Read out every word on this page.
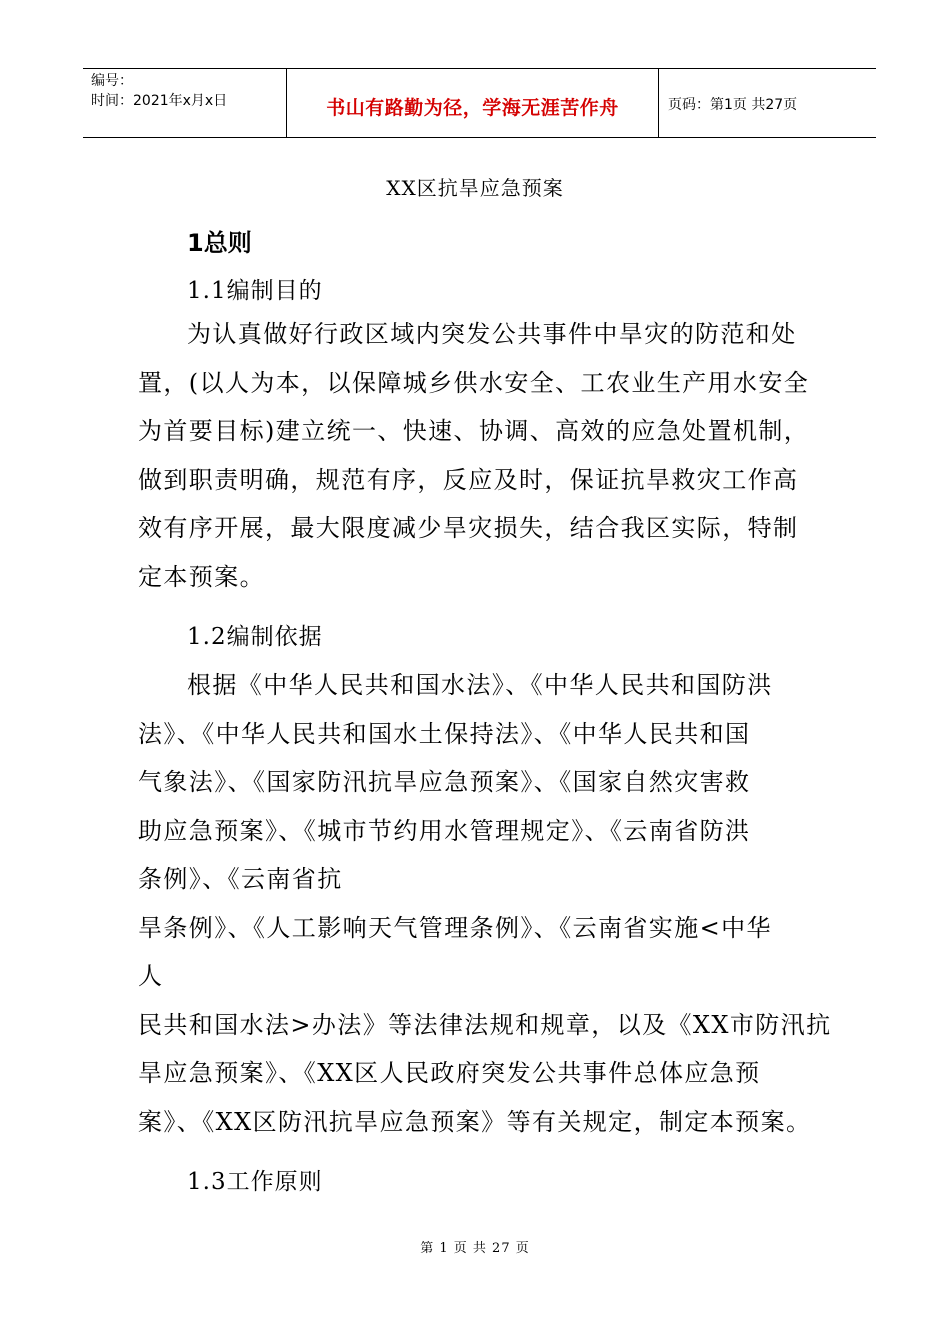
编号：
时间：2021年x月x日	书山有路勤为径，学海无涯苦作舟	页码：第1页 共27页
XX区抗旱应急预案
1总则
1.1编制目的
为认真做好行政区域内突发公共事件中旱灾的防范和处
置，(以人为本，以保障城乡供水安全、工农业生产用水安全
为首要目标)建立统一、快速、协调、高效的应急处置机制，
做到职责明确，规范有序，反应及时，保证抗旱救灾工作高
效有序开展，最大限度减少旱灾损失，结合我区实际，特制
定本预案。
1.2编制依据
根据《中华人民共和国水法》、《中华人民共和国防洪
法》、《中华人民共和国水土保持法》、《中华人民共和国
气象法》、《国家防汛抗旱应急预案》、《国家自然灾害救
助应急预案》、《城市节约用水管理规定》、《云南省防洪
条例》、《云南省抗
旱条例》、《人工影响天气管理条例》、《云南省实施<中华
人
民共和国水法>办法》等法律法规和规章，以及《XX市防汛抗
旱应急预案》、《XX区人民政府突发公共事件总体应急预
案》、《XX区防汛抗旱应急预案》等有关规定，制定本预案。
1.3工作原则
第 1 页 共 27 页
